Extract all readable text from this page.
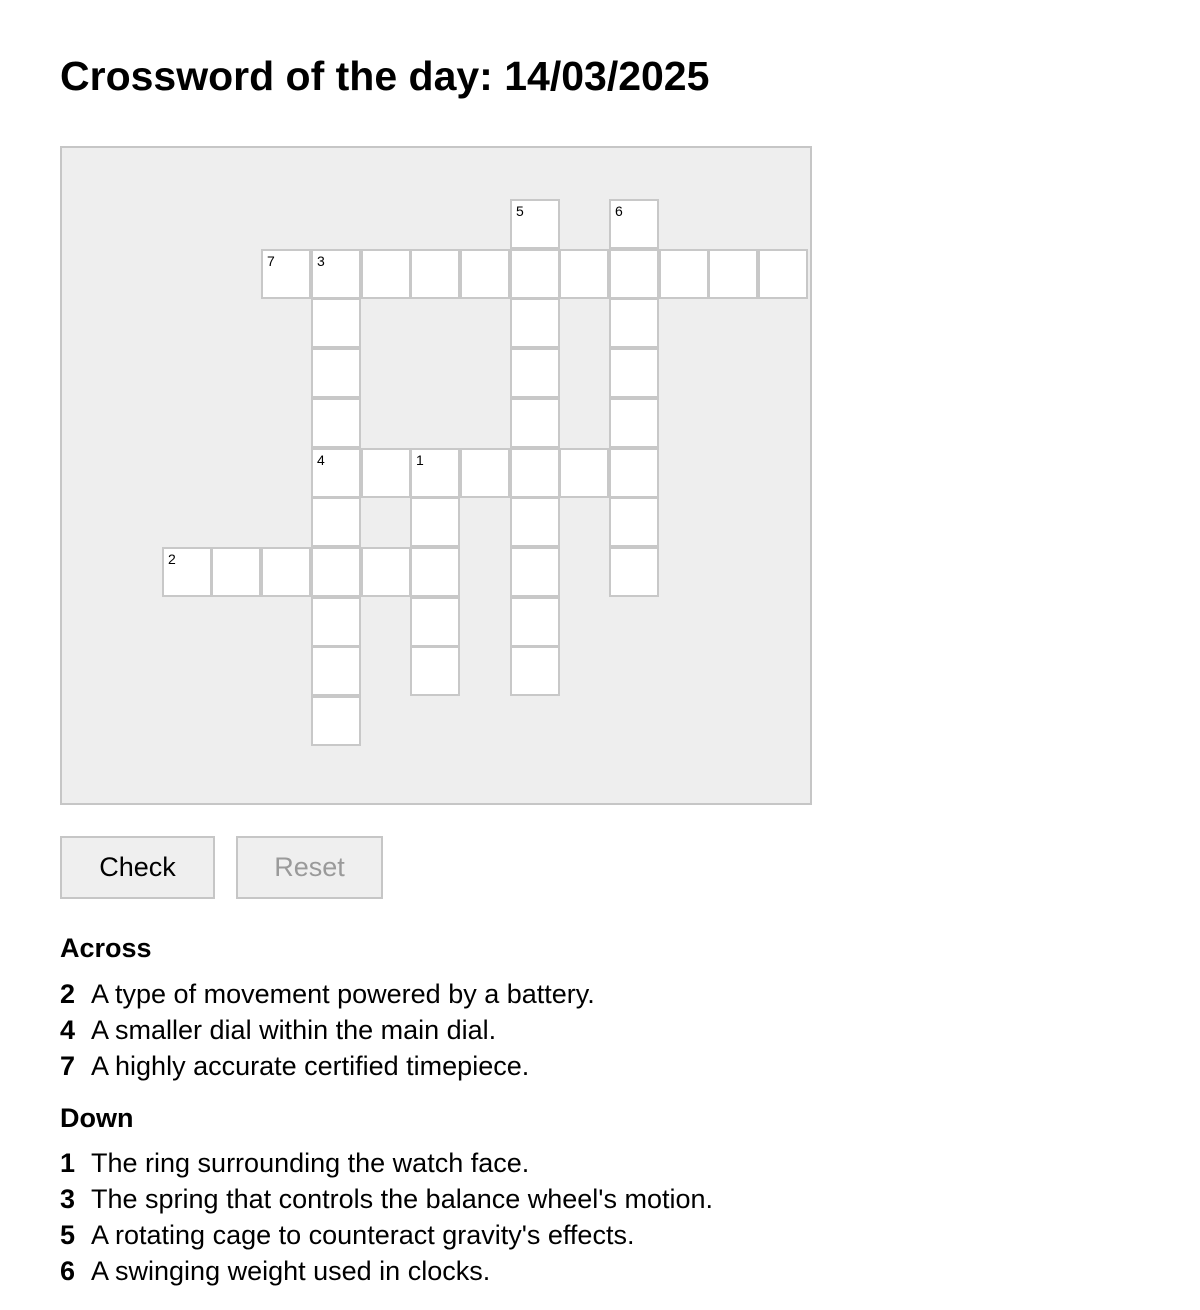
Crossword of the day: 14/03/2025
5	6
7	3
4	1
2
Check	Reset
Across
2 A type of movement powered by a battery.
4 A smaller dial within the main dial.
7 A highly accurate certified timepiece.
Down
1 The ring surrounding the watch face.
3 The spring that controls the balance wheel's motion.
5 A rotating cage to counteract gravity's effects.
6 A swinging weight used in clocks.
